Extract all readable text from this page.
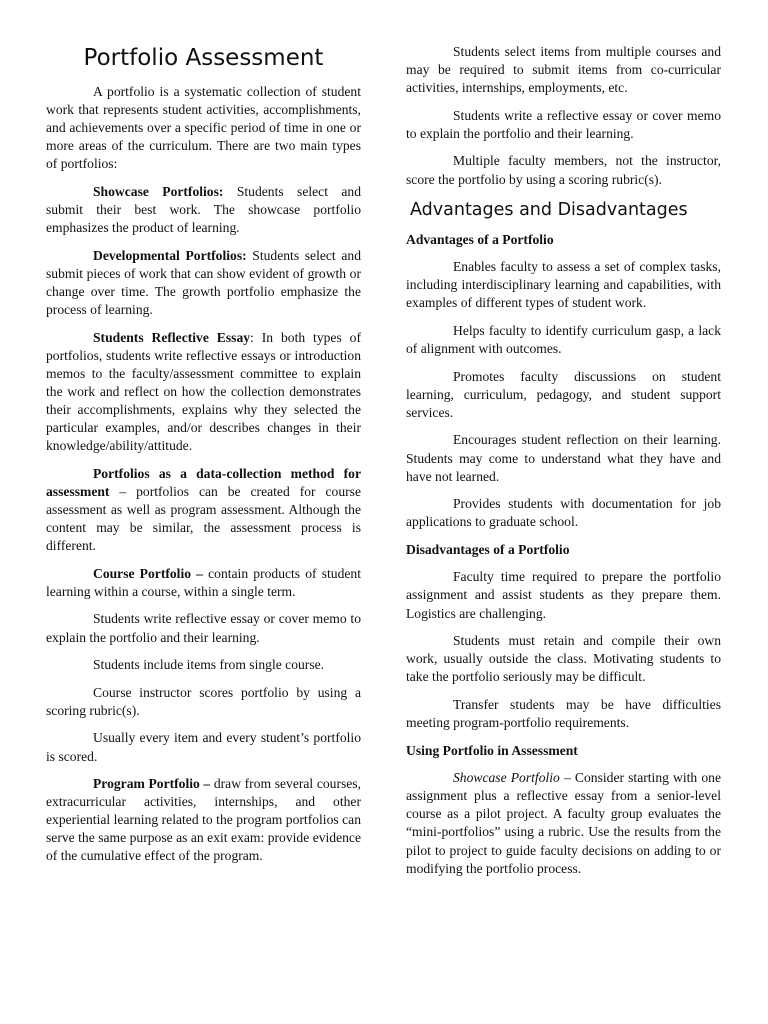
Portfolio Assessment

A portfolio is a systematic collection of student work that represents student activities, accomplishments, and achievements over a specific period of time in one or more areas of the curriculum. There are two main types of portfolios:

Showcase Portfolios: Students select and submit their best work. The showcase portfolio emphasizes the product of learning.

Developmental Portfolios: Students select and submit pieces of work that can show evident of growth or change over time. The growth portfolio emphasize the process of learning.

Students Reflective Essay: In both types of portfolios, students write reflective essays or introduction memos to the faculty/assessment committee to explain the work and reflect on how the collection demonstrates their accomplishments, explains why they selected the particular examples, and/or describes changes in their knowledge/ability/attitude.

Portfolios as a data-collection method for assessment – portfolios can be created for course assessment as well as program assessment. Although the content may be similar, the assessment process is different.

Course Portfolio – contain products of student learning within a course, within a single term.

Students write reflective essay or cover memo to explain the portfolio and their learning.

Students include items from single course.

Course instructor scores portfolio by using a scoring rubric(s).

Usually every item and every student’s portfolio is scored.

Program Portfolio – draw from several courses, extracurricular activities, internships, and other experiential learning related to the program portfolios can serve the same purpose as an exit exam: provide evidence of the cumulative effect of the program.

Students select items from multiple courses and may be required to submit items from co-curricular activities, internships, employments, etc.

Students write a reflective essay or cover memo to explain the portfolio and their learning.

Multiple faculty members, not the instructor, score the portfolio by using a scoring rubric(s).

Advantages and Disadvantages
Advantages of a Portfolio

Enables faculty to assess a set of complex tasks, including interdisciplinary learning and capabilities, with examples of different types of student work.

Helps faculty to identify curriculum gasp, a lack of alignment with outcomes.

Promotes faculty discussions on student learning, curriculum, pedagogy, and student support services.

Encourages student reflection on their learning. Students may come to understand what they have and have not learned.

Provides students with documentation for job applications to graduate school.

Disadvantages of a Portfolio

Faculty time required to prepare the portfolio assignment and assist students as they prepare them. Logistics are challenging.

Students must retain and compile their own work, usually outside the class. Motivating students to take the portfolio seriously may be difficult.

Transfer students may be have difficulties meeting program-portfolio requirements.

Using Portfolio in Assessment

Showcase Portfolio – Consider starting with one assignment plus a reflective essay from a senior-level course as a pilot project. A faculty group evaluates the “mini-portfolios” using a rubric. Use the results from the pilot to project to guide faculty decisions on adding to or modifying the portfolio process.
